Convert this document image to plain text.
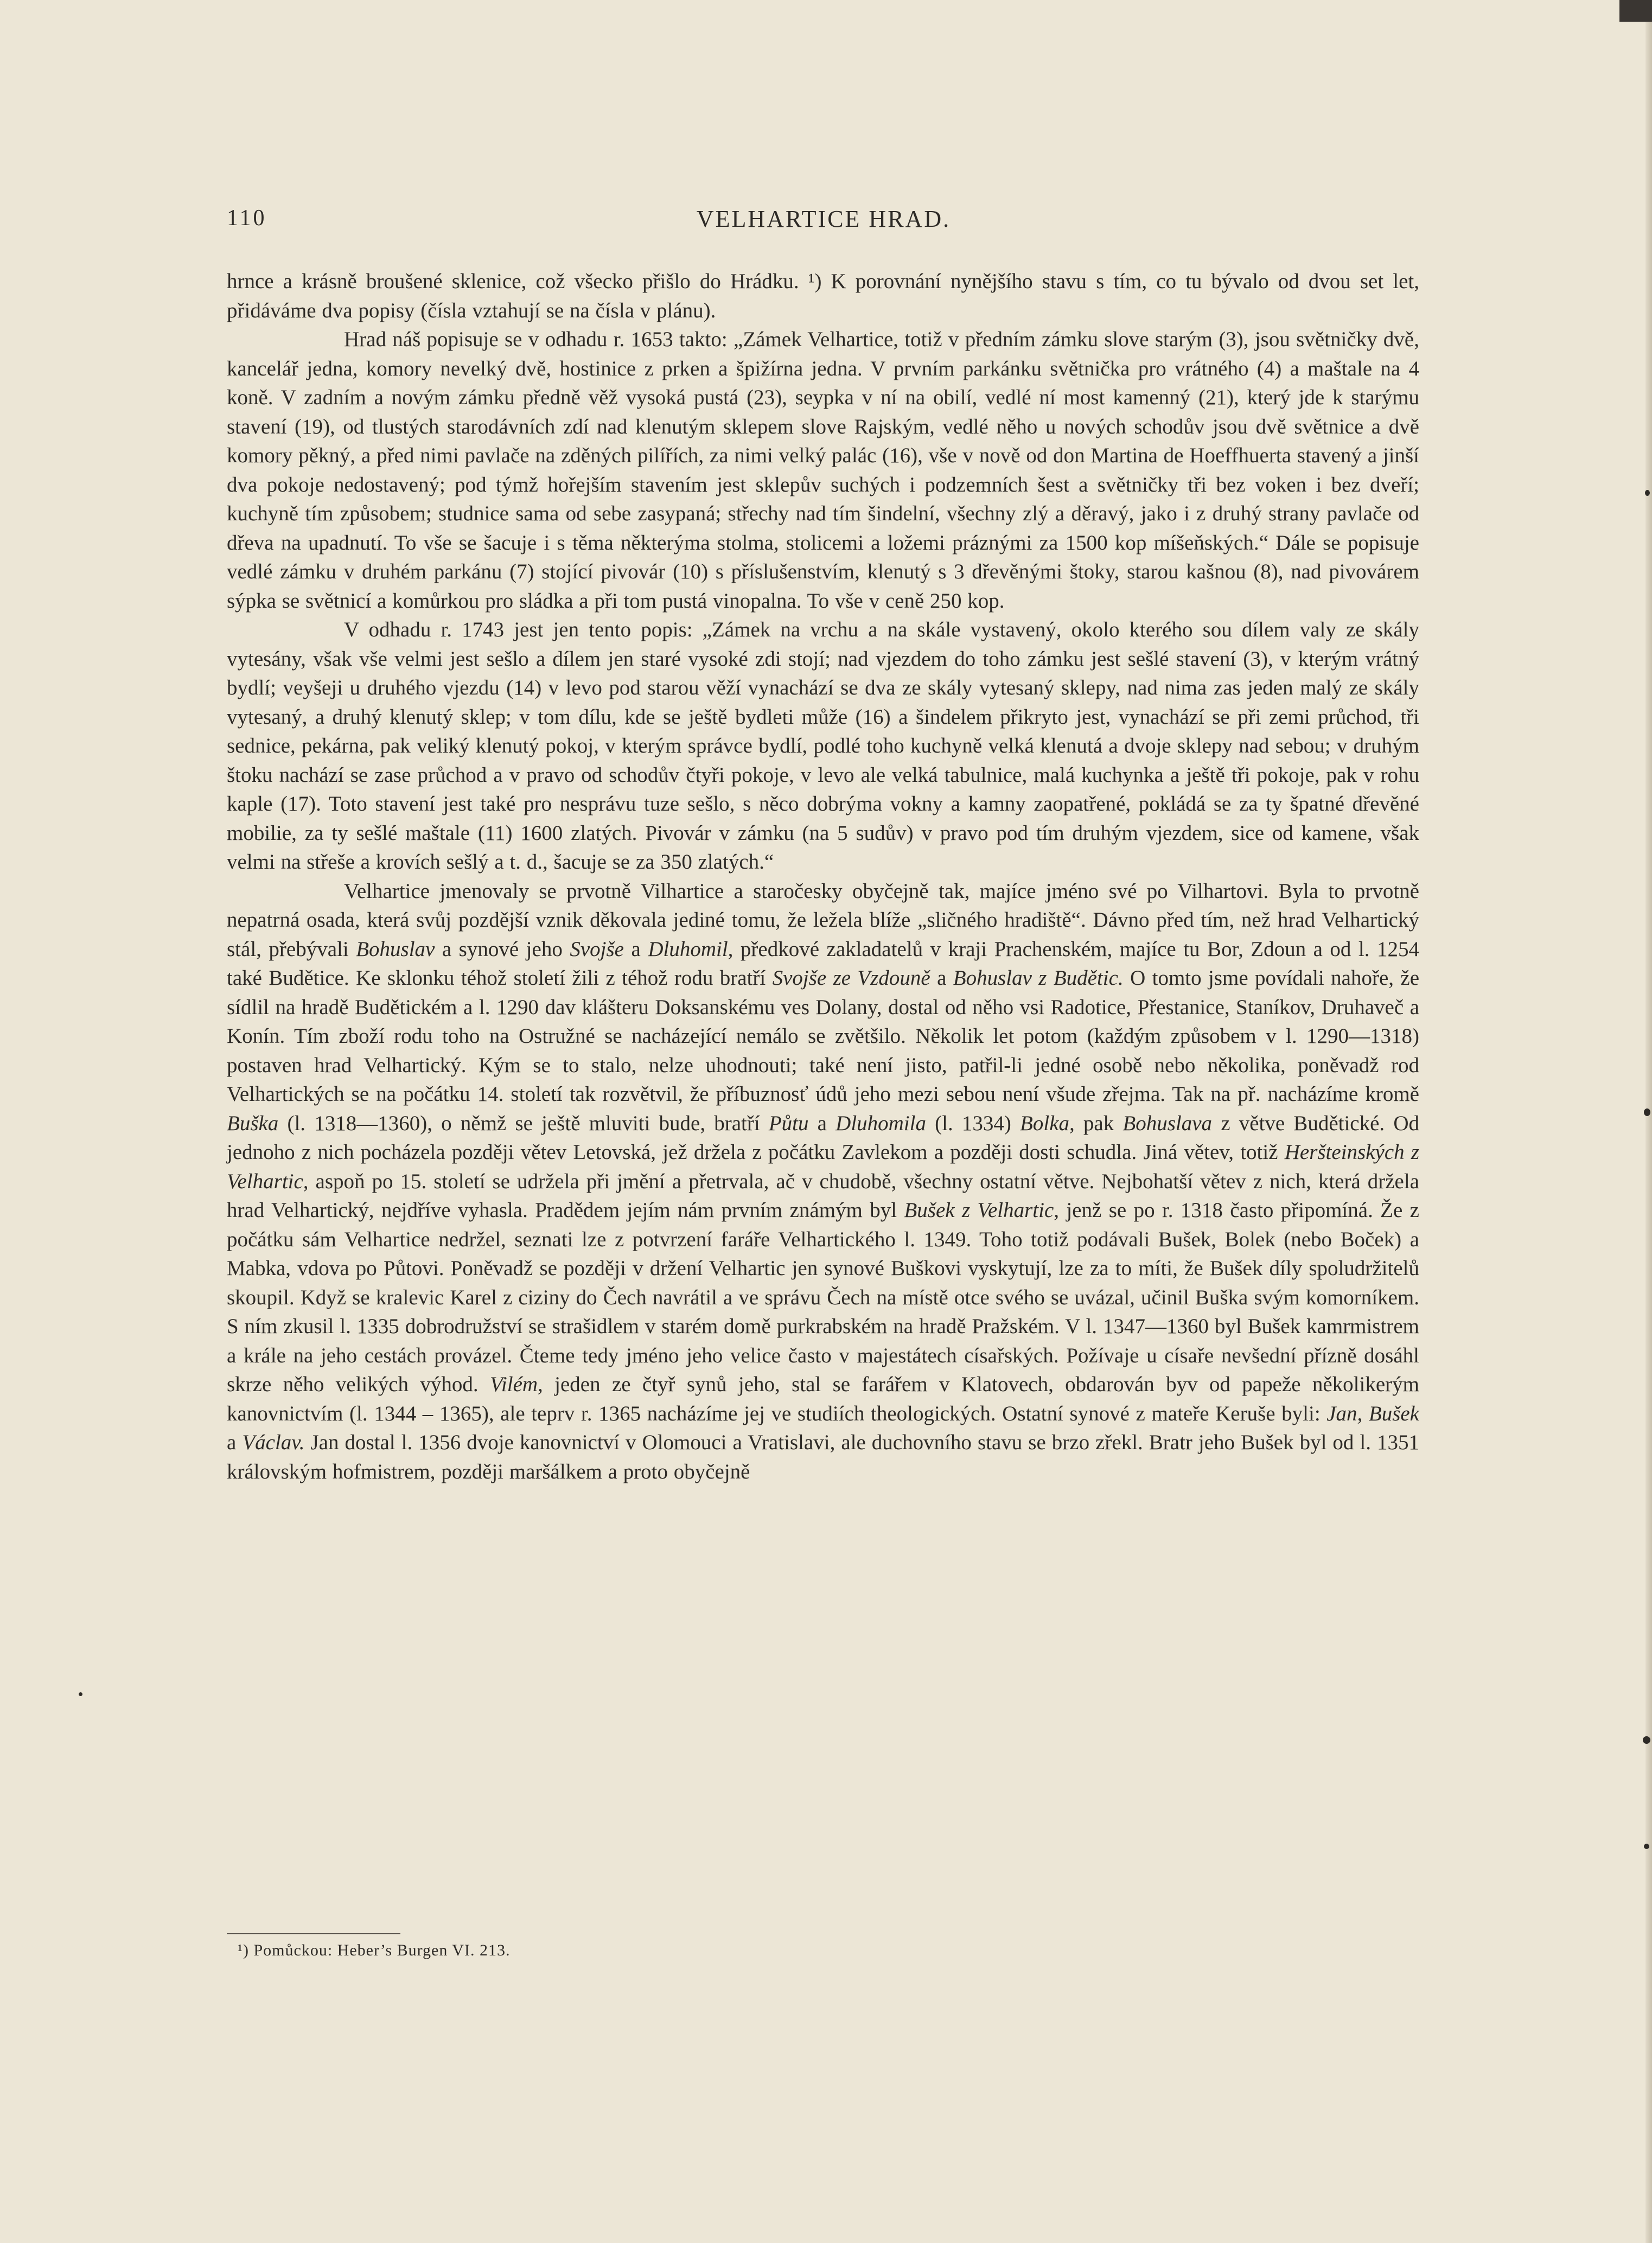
110	VELHARTICE HRAD.

hrnce a krásně broušené sklenice, což všecko přišlo do Hrádku. ¹) K porovnání nynějšího stavu s tím, co tu bývalo od dvou set let, přidáváme dva popisy (čísla vztahují se na čísla v plánu).

Hrad náš popisuje se v odhadu r. 1653 takto: „Zámek Velhartice, totiž v předním zámku slove starým (3), jsou světničky dvě, kancelář jedna, komory nevelký dvě, hostinice z prken a špižírna jedna. V prvním parkánku světnička pro vrátného (4) a maštale na 4 koně. V zadním a novým zámku předně věž vysoká pustá (23), seypka v ní na obilí, vedlé ní most kamenný (21), který jde k starýmu stavení (19), od tlustých starodávních zdí nad klenutým sklepem slove Rajským, vedlé něho u nových schodův jsou dvě světnice a dvě komory pěkný, a před nimi pavlače na zděných pilířích, za nimi velký palác (16), vše v nově od don Martina de Hoeffhuerta stavený a jinší dva pokoje nedostavený; pod týmž hořejším stavením jest sklepův suchých i podzemních šest a světničky tři bez voken i bez dveří; kuchyně tím způsobem; studnice sama od sebe zasypaná; střechy nad tím šindelní, všechny zlý a děravý, jako i z druhý strany pavlače od dřeva na upadnutí. To vše se šacuje i s těma některýma stolma, stolicemi a ložemi práznými za 1500 kop míšeňských.“ Dále se popisuje vedlé zámku v druhém parkánu (7) stojící pivovár (10) s příslušenstvím, klenutý s 3 dřevěnými štoky, starou kašnou (8), nad pivovárem sýpka se světnicí a komůrkou pro sládka a při tom pustá vinopalna. To vše v ceně 250 kop.

V odhadu r. 1743 jest jen tento popis: „Zámek na vrchu a na skále vystavený, okolo kterého sou dílem valy ze skály vytesány, však vše velmi jest sešlo a dílem jen staré vysoké zdi stojí; nad vjezdem do toho zámku jest sešlé stavení (3), v kterým vrátný bydlí; veyšeji u druhého vjezdu (14) v levo pod starou věží vynachází se dva ze skály vytesaný sklepy, nad nima zas jeden malý ze skály vytesaný, a druhý klenutý sklep; v tom dílu, kde se ještě bydleti může (16) a šindelem přikryto jest, vynachází se při zemi průchod, tři sednice, pekárna, pak veliký klenutý pokoj, v kterým správce bydlí, podlé toho kuchyně velká klenutá a dvoje sklepy nad sebou; v druhým štoku nachází se zase průchod a v pravo od schodův čtyři pokoje, v levo ale velká tabulnice, malá kuchynka a ještě tři pokoje, pak v rohu kaple (17). Toto stavení jest také pro nesprávu tuze sešlo, s něco dobrýma vokny a kamny zaopatřené, pokládá se za ty špatné dřevěné mobilie, za ty sešlé maštale (11) 1600 zlatých. Pivovár v zámku (na 5 sudův) v pravo pod tím druhým vjezdem, sice od kamene, však velmi na střeše a krovích sešlý a t. d., šacuje se za 350 zlatých.“

Velhartice jmenovaly se prvotně Vilhartice a staročesky obyčejně tak, majíce jméno své po Vilhartovi. Byla to prvotně nepatrná osada, která svůj pozdější vznik děkovala jediné tomu, že ležela blíže „sličného hradiště“. Dávno před tím, než hrad Velhartický stál, přebývali Bohuslav a synové jeho Svojše a Dluhomil, předkové zakladatelů v kraji Prachenském, majíce tu Bor, Zdoun a od l. 1254 také Budětice. Ke sklonku téhož století žili z téhož rodu bratří Svojše ze Vzdouně a Bohuslav z Budětic. O tomto jsme povídali nahoře, že sídlil na hradě Budětickém a l. 1290 dav klášteru Doksanskému ves Dolany, dostal od něho vsi Radotice, Přestanice, Staníkov, Druhaveč a Konín. Tím zboží rodu toho na Ostružné se nacházející nemálo se zvětšilo. Několik let potom (každým způsobem v l. 1290—1318) postaven hrad Velhartický. Kým se to stalo, nelze uhodnouti; také není jisto, patřil-li jedné osobě nebo několika, poněvadž rod Velhartických se na počátku 14. století tak rozvětvil, že příbuznosť údů jeho mezi sebou není všude zřejma. Tak na př. nacházíme kromě Buška (l. 1318—1360), o němž se ještě mluviti bude, bratří Půtu a Dluhomila (l. 1334) Bolka, pak Bohuslava z větve Budětické. Od jednoho z nich pocházela později větev Letovská, jež držela z počátku Zavlekom a později dosti schudla. Jiná větev, totiž Heršteinských z Velhartic, aspoň po 15. století se udržela při jmění a přetrvala, ač v chudobě, všechny ostatní větve. Nejbohatší větev z nich, která držela hrad Velhartický, nejdříve vyhasla. Pradědem jejím nám prvním známým byl Bušek z Velhartic, jenž se po r. 1318 často připomíná. Že z počátku sám Velhartice nedržel, seznati lze z potvrzení faráře Velhartického l. 1349. Toho totiž podávali Bušek, Bolek (nebo Boček) a Mabka, vdova po Půtovi. Poněvadž se později v držení Velhartic jen synové Buškovi vyskytují, lze za to míti, že Bušek díly spoludržitelů skoupil. Když se kralevic Karel z ciziny do Čech navrátil a ve správu Čech na místě otce svého se uvázal, učinil Buška svým komorníkem. S ním zkusil l. 1335 dobrodružství se strašidlem v starém domě purkrabském na hradě Pražském. V l. 1347—1360 byl Bušek kamrmistrem a krále na jeho cestách provázel. Čteme tedy jméno jeho velice často v majestátech císařských. Požívaje u císaře nevšední přízně dosáhl skrze něho velikých výhod. Vilém, jeden ze čtyř synů jeho, stal se farářem v Klatovech, obdarován byv od papeže několikerým kanovnictvím (l. 1344 – 1365), ale teprv r. 1365 nacházíme jej ve studiích theologických. Ostatní synové z mateře Keruše byli: Jan, Bušek a Václav. Jan dostal l. 1356 dvoje kanovnictví v Olomouci a Vratislavi, ale duchovního stavu se brzo zřekl. Bratr jeho Bušek byl od l. 1351 královským hofmistrem, později maršálkem a proto obyčejně

¹) Pomůckou: Heber’s Burgen VI. 213.
